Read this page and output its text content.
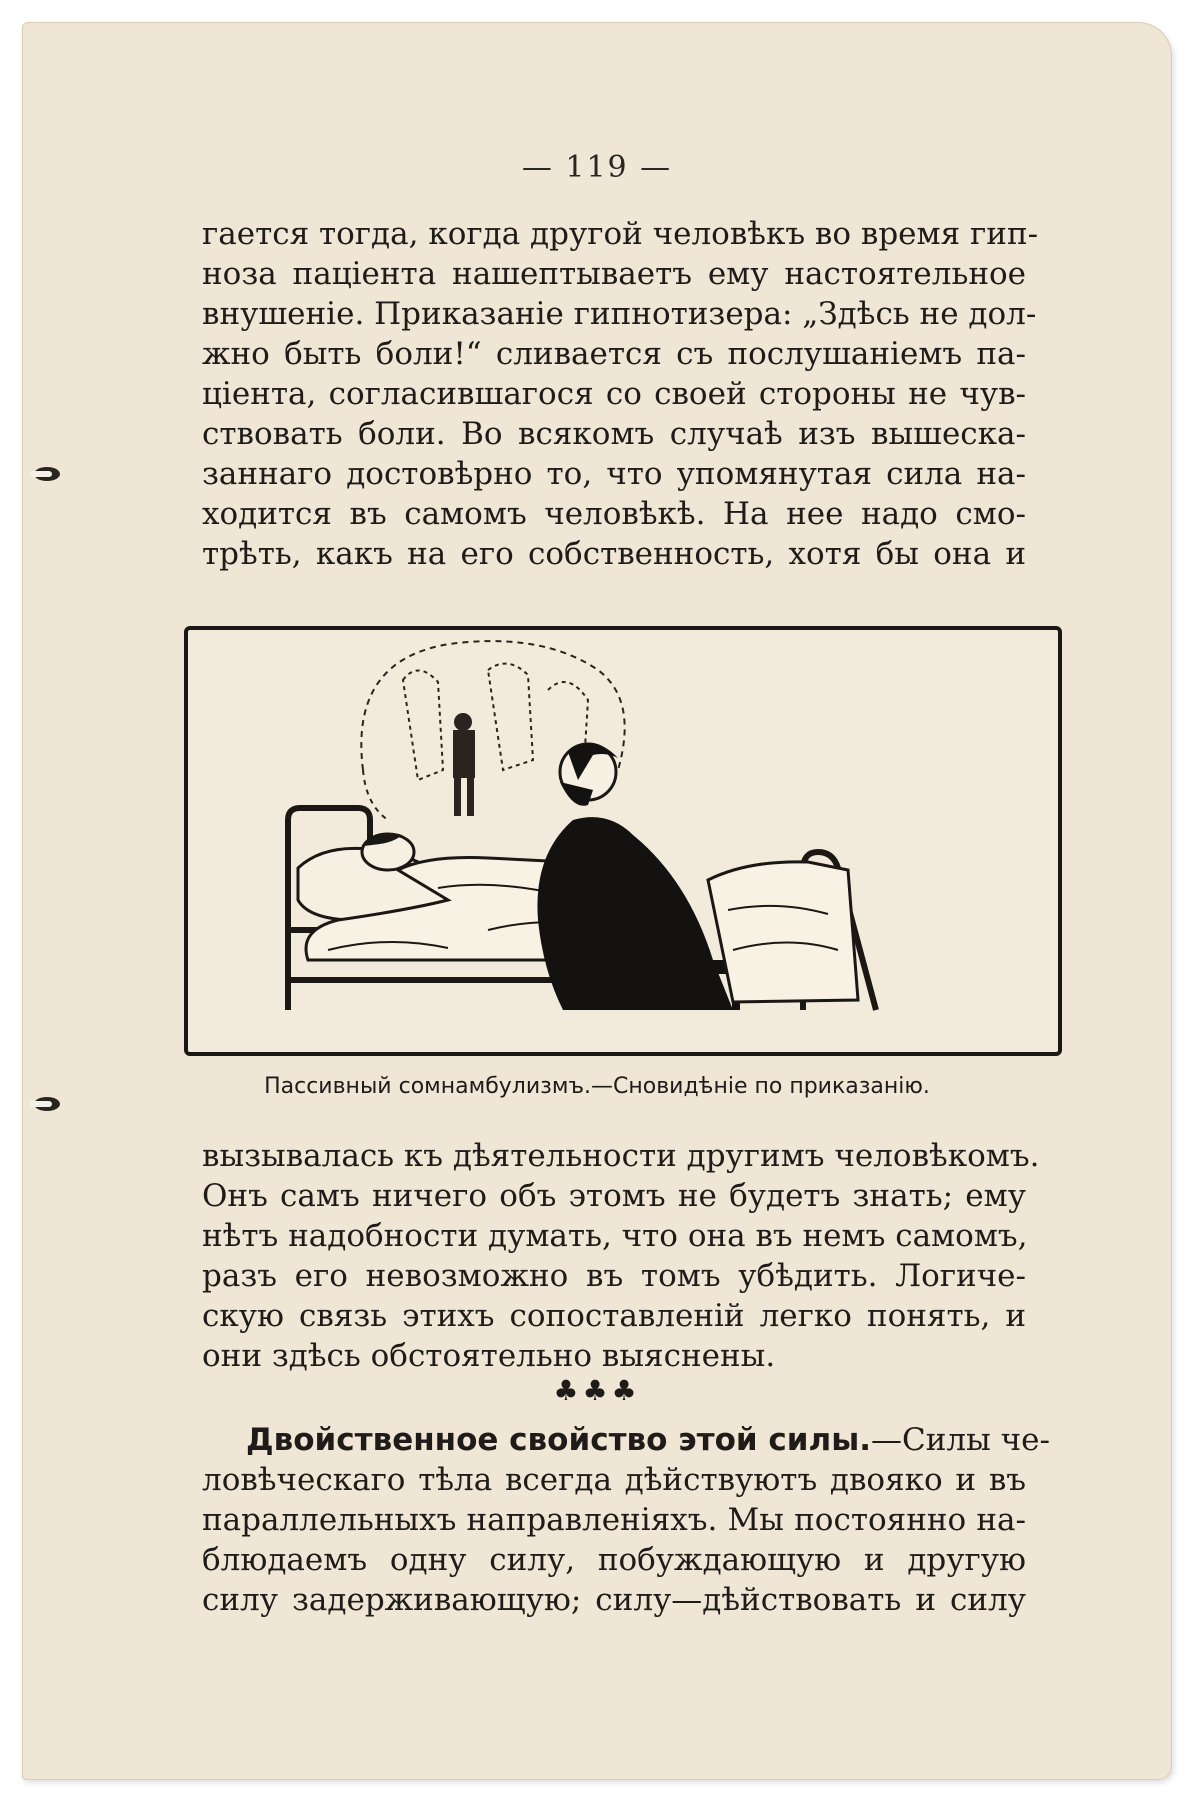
— 119 —
гается тогда, когда другой человѣкъ во время гип-
ноза пацiента нашептываетъ ему настоятельное
внушенiе. Приказанiе гипнотизера: „Здѣсь не дол-
жно быть боли!“ сливается съ послушанiемъ па-
цiента, согласившагося со своей стороны не чув-
ствовать боли. Во всякомъ случаѣ изъ вышеска-
заннаго достовѣрно то, что упомянутая сила на-
ходится въ самомъ человѣкѣ. На нее надо смо-
трѣть, какъ на его собственность, хотя бы она и
Пассивный сомнамбулизмъ.—Сновидѣнiе по приказанiю.
вызывалась къ дѣятельности другимъ человѣкомъ.
Онъ самъ ничего объ этомъ не будетъ знать; ему
нѣтъ надобности думать, что она въ немъ самомъ,
разъ его невозможно въ томъ убѣдить. Логиче-
скую связь этихъ сопоставленiй легко понять, и
они здѣсь обстоятельно выяснены.
♣♣♣
Двойственное свойство этой силы.—Силы че-
ловѣческаго тѣла всегда дѣйствуютъ двояко и въ
параллельныхъ направленiяхъ. Мы постоянно на-
блюдаемъ одну силу, побуждающую и другую
силу задерживающую; силу—дѣйствовать и силу
